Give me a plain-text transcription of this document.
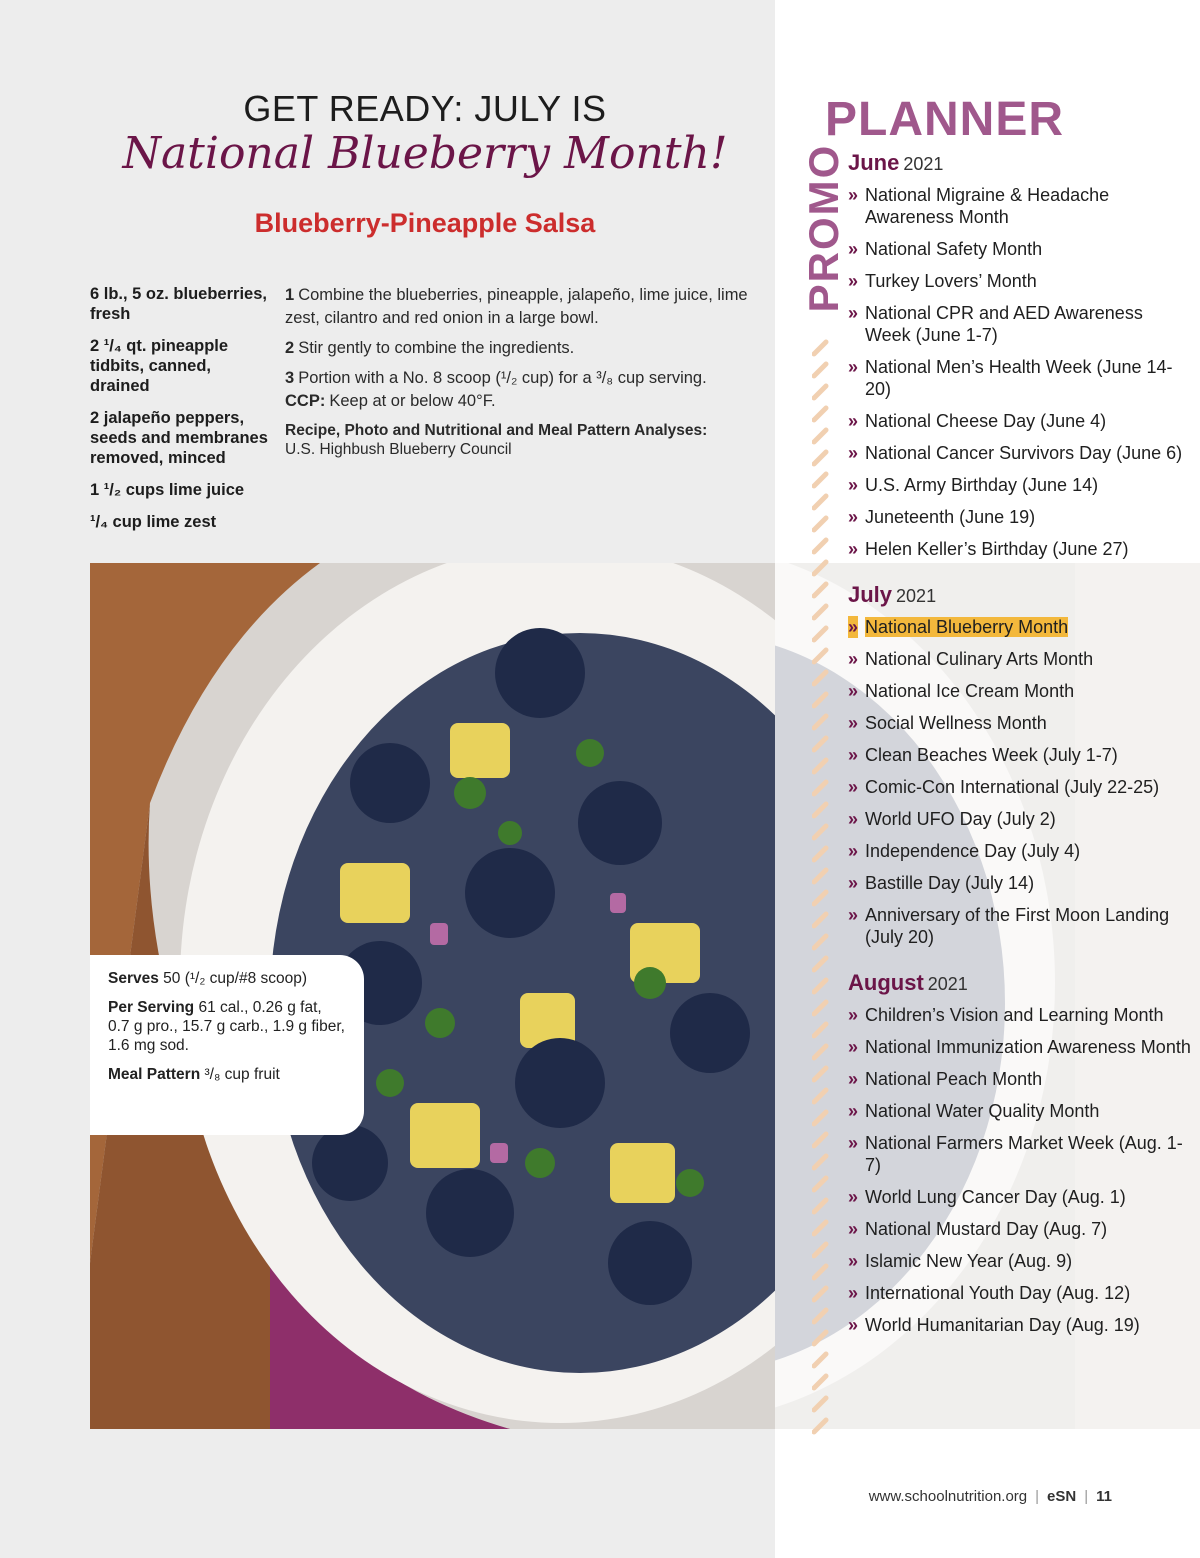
GET READY: JULY IS
National Blueberry Month!
Blueberry-Pineapple Salsa
6 lb., 5 oz. blueberries, fresh
2 ¹/₄ qt. pineapple tidbits, canned, drained
2 jalapeño peppers, seeds and membranes removed, minced
1 ¹/₂ cups lime juice
¹/₄ cup lime zest
1 Combine the blueberries, pineapple, jalapeño, lime juice, lime zest, cilantro and red onion in a large bowl.
2 Stir gently to combine the ingredients.
3 Portion with a No. 8 scoop (¹/₂ cup) for a ³/₈ cup serving.
CCP: Keep at or below 40°F.
Recipe, Photo and Nutritional and Meal Pattern Analyses:
U.S. Highbush Blueberry Council

Serves 50 (¹/₂ cup/#8 scoop)

Per Serving 61 cal., 0.26 g fat, 0.7 g pro., 15.7 g carb., 1.9 g fiber, 1.6 mg sod.

Meal Pattern ³/₈ cup fruit

PROMO
PLANNER
June 2021
» National Migraine & Headache Awareness Month
» National Safety Month
» Turkey Lovers’ Month
» National CPR and AED Awareness Week (June 1-7)
» National Men’s Health Week (June 14-20)
» National Cheese Day (June 4)
» National Cancer Survivors Day (June 6)
» U.S. Army Birthday (June 14)
» Juneteenth (June 19)
» Helen Keller’s Birthday (June 27)
July 2021
» National Blueberry Month
» National Culinary Arts Month
» National Ice Cream Month
» Social Wellness Month
» Clean Beaches Week (July 1-7)
» Comic-Con International (July 22-25)
» World UFO Day (July 2)
» Independence Day (July 4)
» Bastille Day (July 14)
» Anniversary of the First Moon Landing (July 20)
August 2021
» Children’s Vision and Learning Month
» National Immunization Awareness Month
» National Peach Month
» National Water Quality Month
» National Farmers Market Week (Aug. 1-7)
» World Lung Cancer Day (Aug. 1)
» National Mustard Day (Aug. 7)
» Islamic New Year (Aug. 9)
» International Youth Day (Aug. 12)
» World Humanitarian Day (Aug. 19)
www.schoolnutrition.org | eSN | 11
